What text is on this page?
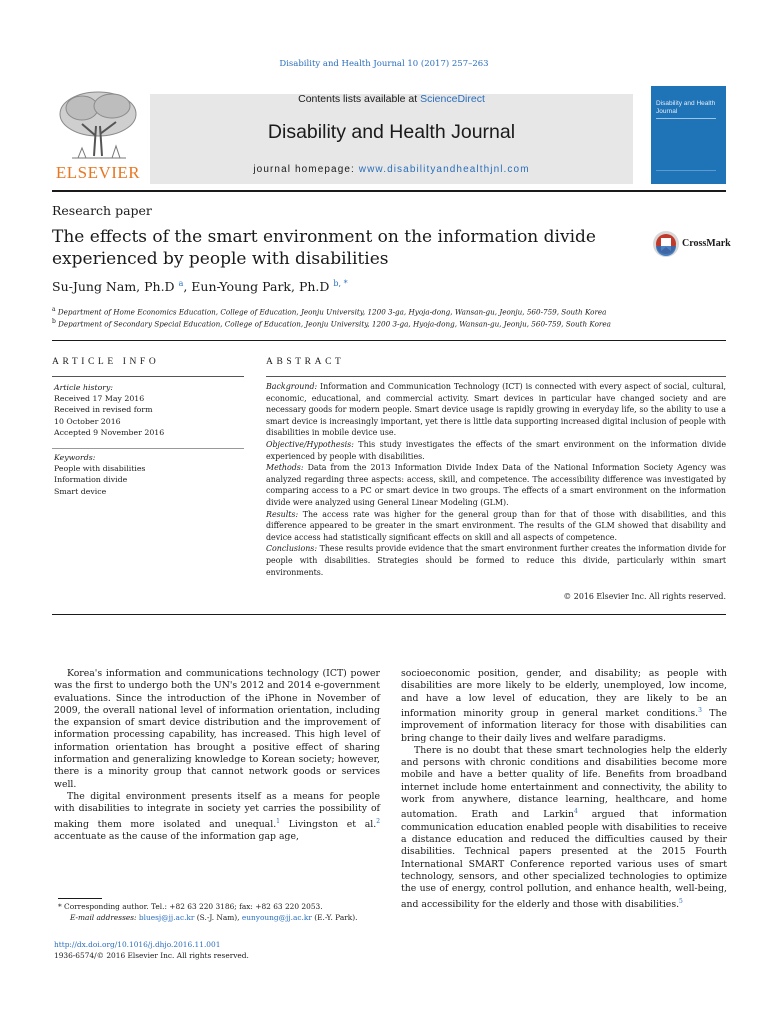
Disability and Health Journal 10 (2017) 257–263
ELSEVIER
Contents lists available at ScienceDirect
Disability and Health Journal
journal homepage: www.disabilityandhealthjnl.com
Disability and Health Journal
Research paper
The effects of the smart environment on the information divide experienced by people with disabilities
CrossMark
Su-Jung Nam, Ph.D $^a$, Eun-Young Park, Ph.D $^{b, *}$
$^a$ Department of Home Economics Education, College of Education, Jeonju University, 1200 3-ga, Hyoja-dong, Wansan-gu, Jeonju, 560-759, South Korea
$^b$ Department of Secondary Special Education, College of Education, Jeonju University, 1200 3-ga, Hyoja-dong, Wansan-gu, Jeonju, 560-759, South Korea
ARTICLE INFO
Article history:
Received 17 May 2016
Received in revised form
10 October 2016
Accepted 9 November 2016
Keywords:
People with disabilities
Information divide
Smart device
ABSTRACT

Background: Information and Communication Technology (ICT) is connected with every aspect of social, cultural, economic, educational, and commercial activity. Smart devices in particular have changed society and are necessary goods for modern people. Smart device usage is rapidly growing in everyday life, so the ability to use a smart device is increasingly important, yet there is little data supporting increased digital inclusion of people with disabilities in mobile device use.

Objective/Hypothesis: This study investigates the effects of the smart environment on the information divide experienced by people with disabilities.

Methods: Data from the 2013 Information Divide Index Data of the National Information Society Agency was analyzed regarding three aspects: access, skill, and competence. The accessibility difference was investigated by comparing access to a PC or smart device in two groups. The effects of a smart environment on the information divide were analyzed using General Linear Modeling (GLM).

Results: The access rate was higher for the general group than for that of those with disabilities, and this difference appeared to be greater in the smart environment. The results of the GLM showed that disability and device access had statistically significant effects on skill and all aspects of competence.

Conclusions: These results provide evidence that the smart environment further creates the information divide for people with disabilities. Strategies should be formed to reduce this divide, particularly within smart environments.

© 2016 Elsevier Inc. All rights reserved.

Korea's information and communications technology (ICT) power was the first to undergo both the UN's 2012 and 2014 e-government evaluations. Since the introduction of the iPhone in November of 2009, the overall national level of information orientation, including the expansion of smart device distribution and the improvement of information processing capability, has increased. This high level of information orientation has brought a positive effect of sharing information and generalizing knowledge to Korean society; however, there is a minority group that cannot network goods or services well.

The digital environment presents itself as a means for people with disabilities to integrate in society yet carries the possibility of making them more isolated and unequal.$^1$ Livingston et al.$^2$ accentuate as the cause of the information gap age,

socioeconomic position, gender, and disability; as people with disabilities are more likely to be elderly, unemployed, low income, and have a low level of education, they are likely to be an information minority group in general market conditions.$^3$ The improvement of information literacy for those with disabilities can bring change to their daily lives and welfare paradigms.

There is no doubt that these smart technologies help the elderly and persons with chronic conditions and disabilities become more mobile and have a better quality of life. Benefits from broadband internet include home entertainment and connectivity, the ability to work from anywhere, distance learning, healthcare, and home automation. Erath and Larkin$^4$ argued that information communication education enabled people with disabilities to receive a distance education and reduced the difficulties caused by their disabilities. Technical papers presented at the 2015 Fourth International SMART Conference reported various uses of smart technology, sensors, and other specialized technologies to optimize the use of energy, control pollution, and enhance health, well-being, and accessibility for the elderly and those with disabilities.$^5$

* Corresponding author. Tel.: +82 63 220 3186; fax: +82 63 220 2053.
E-mail addresses: bluesj@jj.ac.kr (S.-J. Nam), eunyoung@jj.ac.kr (E.-Y. Park).
http://dx.doi.org/10.1016/j.dhjo.2016.11.001
1936-6574/© 2016 Elsevier Inc. All rights reserved.
